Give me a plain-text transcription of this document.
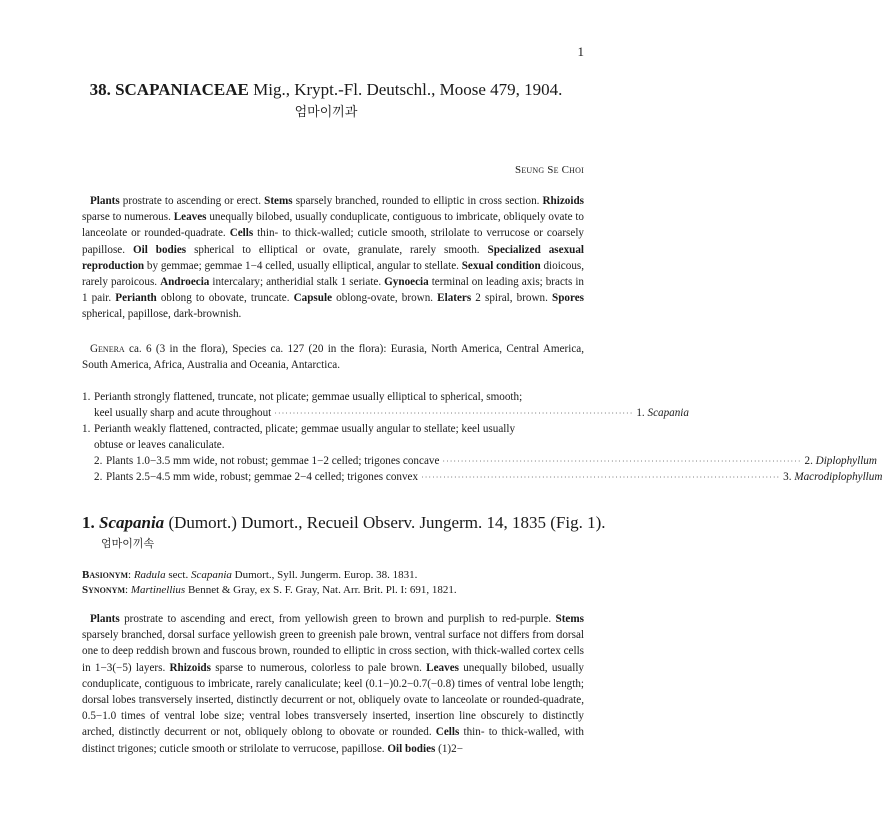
1
38. SCAPANIACEAE Mig., Krypt.-Fl. Deutschl., Moose 479, 1904.
엄마이끼과
Seung Se Choi

Plants prostrate to ascending or erect. Stems sparsely branched, rounded to elliptic in cross section. Rhizoids sparse to numerous. Leaves unequally bilobed, usually conduplicate, contiguous to imbricate, obliquely ovate to lanceolate or rounded-quadrate. Cells thin- to thick-walled; cuticle smooth, strilolate to verrucose or coarsely papillose. Oil bodies spherical to elliptical or ovate, granulate, rarely smooth. Specialized asexual reproduction by gemmae; gemmae 1−4 celled, usually elliptical, angular to stellate. Sexual condition dioicous, rarely paroicous. Androecia intercalary; antheridial stalk 1 seriate. Gynoecia terminal on leading axis; bracts in 1 pair. Perianth oblong to obovate, truncate. Capsule oblong-ovate, brown. Elaters 2 spiral, brown. Spores spherical, papillose, dark-brownish.

Genera ca. 6 (3 in the flora), Species ca. 127 (20 in the flora): Eurasia, North America, Central America, South America, Africa, Australia and Oceania, Antarctica.

1. Perianth strongly flattened, truncate, not plicate; gemmae usually elliptical to spherical, smooth;
keel usually sharp and acute throughout ·································································································· 1. Scapania
1. Perianth weakly flattened, contracted, plicate; gemmae usually angular to stellate; keel usually
obtuse or leaves canaliculate.
2. Plants 1.0−3.5 mm wide, not robust; gemmae 1−2 celled; trigones concave ·································································································· 2. Diplophyllum
2. Plants 2.5−4.5 mm wide, robust; gemmae 2−4 celled; trigones convex ·································································································· 3. Macrodiplophyllum
1. Scapania (Dumort.) Dumort., Recueil Observ. Jungerm. 14, 1835 (Fig. 1).
엄마이끼속
Basionym: Radula sect. Scapania Dumort., Syll. Jungerm. Europ. 38. 1831.
Synonym: Martinellius Bennet & Gray, ex S. F. Gray, Nat. Arr. Brit. Pl. I: 691, 1821.

Plants prostrate to ascending and erect, from yellowish green to brown and purplish to red-purple. Stems sparsely branched, dorsal surface yellowish green to greenish pale brown, ventral surface not differs from dorsal one to deep reddish brown and fuscous brown, rounded to elliptic in cross section, with thick-walled cortex cells in 1−3(−5) layers. Rhizoids sparse to numerous, colorless to pale brown. Leaves unequally bilobed, usually conduplicate, contiguous to imbricate, rarely canaliculate; keel (0.1−)0.2−0.7(−0.8) times of ventral lobe length; dorsal lobes transversely inserted, distinctly decurrent or not, obliquely ovate to lanceolate or rounded-quadrate, 0.5−1.0 times of ventral lobe size; ventral lobes transversely inserted, insertion line obscurely to distinctly arched, distinctly decurrent or not, obliquely oblong to obovate or rounded. Cells thin- to thick-walled, with distinct trigones; cuticle smooth or strilolate to verrucose, papillose. Oil bodies (1)2−
